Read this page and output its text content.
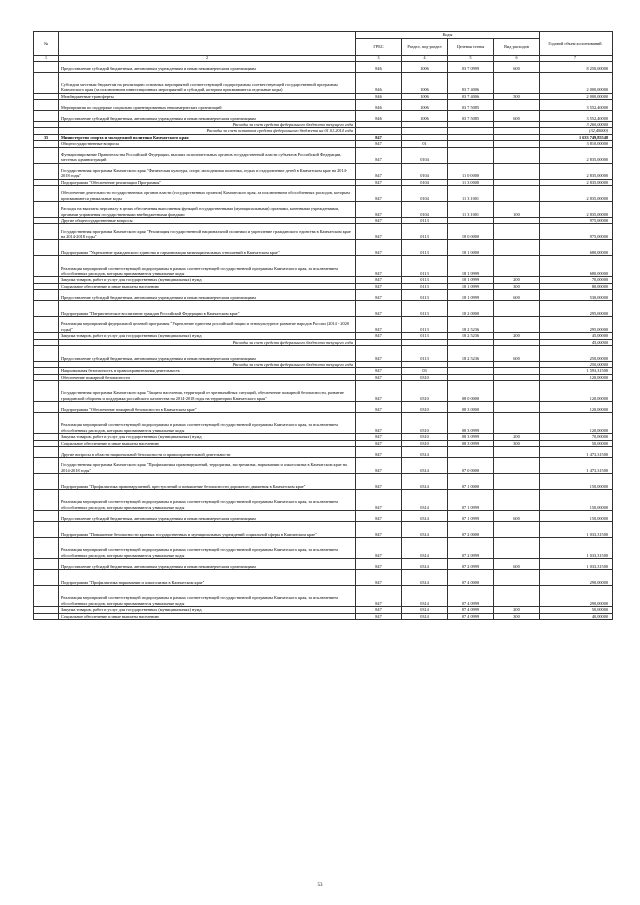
№		Коды				Годовой объем ассигнований
		ГРБС	Раздел, под-раздел	Целевая статья	Вид расходов	
1	2	3	4	5	6	7
	Предоставление субсидий бюджетным, автономным учреждениям и иным некоммерческим организациям	846	1006	03 7 0999	600	8 250,00000
	Субсидии местным бюджетам на реализацию основных мероприятий соответствующей подпрограммы соответствующей государственной программы Камчатского края (за исключением инвестиционных мероприятий и субсидий, которым присваиваются отдельные коды)	846	1006	03 7 4006		2 000,00000
	Межбюджетные трансферты	846	1006	03 7 4006	500	2 000,00000
	Мероприятия по поддержке социально ориентированных некоммерческих организаций	846	1006	03 7 5085		3 552,40000
	Предоставление субсидий бюджетным, автономным учреждениям и иным некоммерческим организациям	846	1006	03 7 5085	600	3 552,40000
	Расходы за счет средств федерального бюджета текущего года					3 260,00000
	Расходы за счет остатков средств федерального бюджета на 01.01.2014 года					(32,40000)
35	Министерство спорта и молодежной политики Камчатского края	847				1 633 749,85548
	Общегосударственные вопросы	847	01			3 810,00000
	Функционирование Правительства Российской Федерации, высших исполнительных органов государственной власти субъектов Российской Федерации, местных администраций	847	0104			2 835,00000
	Государственная программа Камчатского края "Физическая культура, спорт, молодежная политика, отдых и оздоровление детей в Камчатском крае на 2014-2018 годы"	847	0104	11 0 0000		2 835,00000
	Подпрограмма "Обеспечение реализации Программы"	847	0104	11 3 0000		2 835,00000
	Обеспечение деятельности государственных органов власти (государственных органов) Камчатского края, за исключением обособленных расходов, которым присваиваются уникальные коды	847	0104	11 3 1001		2 835,00000
	Расходы на выплаты персоналу в целях обеспечения выполнения функций государственными (муниципальными) органами, казенными учреждениями, органами управления государственными внебюджетными фондами	847	0104	11 3 1001	100	2 835,00000
	Другие общегосударственные вопросы	847	0113			975,00000
	Государственная программа Камчатского края "Реализация государственной национальной политики и укрепление гражданского единства в Камчатском крае на 2014-2018 годы"	847	0113	18 0 0000		975,00000
	Подпрограмма "Укрепление гражданского единства и гармонизация межнациональных отношений в Камчатском крае"	847	0113	18 1 0000		680,00000
	Реализация мероприятий соответствующей подпрограммы в рамках соответствующей государственной программы Камчатского края, за исключением обособленных расходов, которым присваиваются уникальные коды	847	0113	18 1 0999		680,00000
	Закупка товаров, работ и услуг для государственных (муниципальных) нужд	847	0113	18 1 0999	200	70,00000
	Социальное обеспечение и иные выплаты населению	847	0113	18 1 0999	300	80,00000
	Предоставление субсидий бюджетным, автономным учреждениям и иным некоммерческим организациям	847	0113	18 1 0999	600	530,00000
	Подпрограмма "Патриотическое воспитание граждан Российской Федерации в Камчатском крае"	847	0113	18 2 0000		295,00000
	Реализация мероприятий федеральной целевой программы "Укрепление единства российской нации и этнокультурное развитие народов России (2014 - 2020 годы)"	847	0113	18 2 5236		295,00000
	Закупка товаров, работ и услуг для государственных (муниципальных) нужд	847	0113	18 2 5236	200	45,00000
	Расходы за счет средств федерального бюджета текущего года					45,00000
	Предоставление субсидий бюджетным, автономным учреждениям и иным некоммерческим организациям	847	0113	18 2 5236	600	250,00000
	Расходы за счет средств федерального бюджета текущего года					250,00000
	Национальная безопасность и правоохранительная деятельность	847	03			1 593,31500
	Обеспечение пожарной безопасности	847	0310			120,00000
	Государственная программа Камчатского края "Защита населения, территорий от чрезвычайных ситуаций, обеспечение пожарной безопасности, развитие гражданской обороны и поддержка российского казачества на 2014-2018 годы на территории Камчатского края"	847	0310	08 0 0000		120,00000
	Подпрограмма "Обеспечение пожарной безопасности в Камчатском крае"	847	0310	08 3 0000		120,00000
	Реализация мероприятий соответствующей подпрограммы в рамках соответствующей государственной программы Камчатского края, за исключением обособленных расходов, которым присваиваются уникальные коды	847	0310	08 3 0999		120,00000
	Закупка товаров, работ и услуг для государственных (муниципальных) нужд	847	0310	08 3 0999	200	70,00000
	Социальное обеспечение и иные выплаты населению	847	0310	08 3 0999	300	50,00000
	Другие вопросы в области национальной безопасности и правоохранительной деятельности	847	0314			1 473,31500
	Государственная программа Камчатского края "Профилактика правонарушений, терроризма, экстремизма, наркомании и алкоголизма в Камчатском крае на 2014-2018 годы"	847	0314	07 0 0000		1 473,31500
	Подпрограмма "Профилактика правонарушений, преступлений и повышение безопасности дорожного движения в Камчатском крае"	847	0314	07 1 0000		150,00000
	Реализация мероприятий соответствующей подпрограммы в рамках соответствующей государственной программы Камчатского края, за исключением обособленных расходов, которым присваиваются уникальные коды	847	0314	07 1 0999		150,00000
	Предоставление субсидий бюджетным, автономным учреждениям и иным некоммерческим организациям	847	0314	07 1 0999	600	150,00000
	Подпрограмма "Повышение безопасности краевых государственных и муниципальных учреждений социальной сферы в Камчатском крае"	847	0314	07 2 0000		1 033,31500
	Реализация мероприятий соответствующей подпрограммы в рамках соответствующей государственной программы Камчатского края, за исключением обособленных расходов, которым присваиваются уникальные коды	847	0314	07 2 0999		1 033,31500
	Предоставление субсидий бюджетным, автономным учреждениям и иным некоммерческим организациям	847	0314	07 2 0999	600	1 033,31500
	Подпрограмма "Профилактика наркомании и алкоголизма в Камчатском крае"	847	0314	07 4 0000		290,00000
	Реализация мероприятий соответствующей подпрограммы в рамках соответствующей государственной программы Камчатского края, за исключением обособленных расходов, которым присваиваются уникальные коды	847	0314	07 4 0999		290,00000
	Закупка товаров, работ и услуг для государственных (муниципальных) нужд	847	0314	07 4 0999	200	50,00000
	Социальное обеспечение и иные выплаты населению	847	0314	07 4 0999	300	40,00000
53
